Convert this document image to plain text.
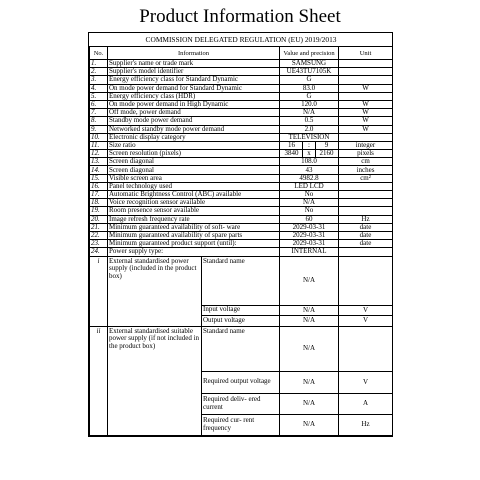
Product Information Sheet
COMMISSION DELEGATED REGULATION (EU) 2019/2013				
No.	Information		Value and precision	Unit
1.	Supplier's name or trade mark		SAMSUNG	
2.	Supplier's model identifier		UE43TU7105K	
3.	Energy efficiency class for Standard Dynamic		G	
4.	On mode power demand for Standard Dynamic		83.0	W
5.	Energy efficiency class (HDR)		G	
6.	On mode power demand in High Dynamic		120.0	W
7.	Off mode, power demand		N/A	W
8.	Standby mode power demand		0.5	W
9.	Networked standby mode power demand		2.0	W
10.	Electronic display category		TELEVISION	
11.	Size ratio		16 : 9	integer
12.	Screen resolution (pixels)		3840 x 2160	pixels
13.	Screen diagonal		108.0	cm
14.	Screen diagonal		43	inches
15.	Visible screen area		4982.8	cm²
16.	Panel technology used		LED LCD	
17.	Automatic Brightness Control (ABC) available		No	
18.	Voice recognition sensor available		N/A	
19.	Room presence sensor available		No	
20.	Image refresh frequency rate		60	Hz
21.	Minimum guaranteed availability of soft- ware		2029-03-31	date
22.	Minimum guaranteed availability of spare parts		2029-03-31	date
23.	Minimum guaranteed product support (until):		2029-03-31	date
24.	Power supply type:		INTERNAL	
i	External standardised power supply (included in the product box)	Standard name	N/A	
		Input voltage	N/A	V
		Output voltage	N/A	V
ii	External standardised suitable power supply (if not included in the product box)	Standard name	N/A	
		Required output voltage	N/A	V
		Required deliv- ered current	N/A	A
		Required cur- rent frequency	N/A	Hz
